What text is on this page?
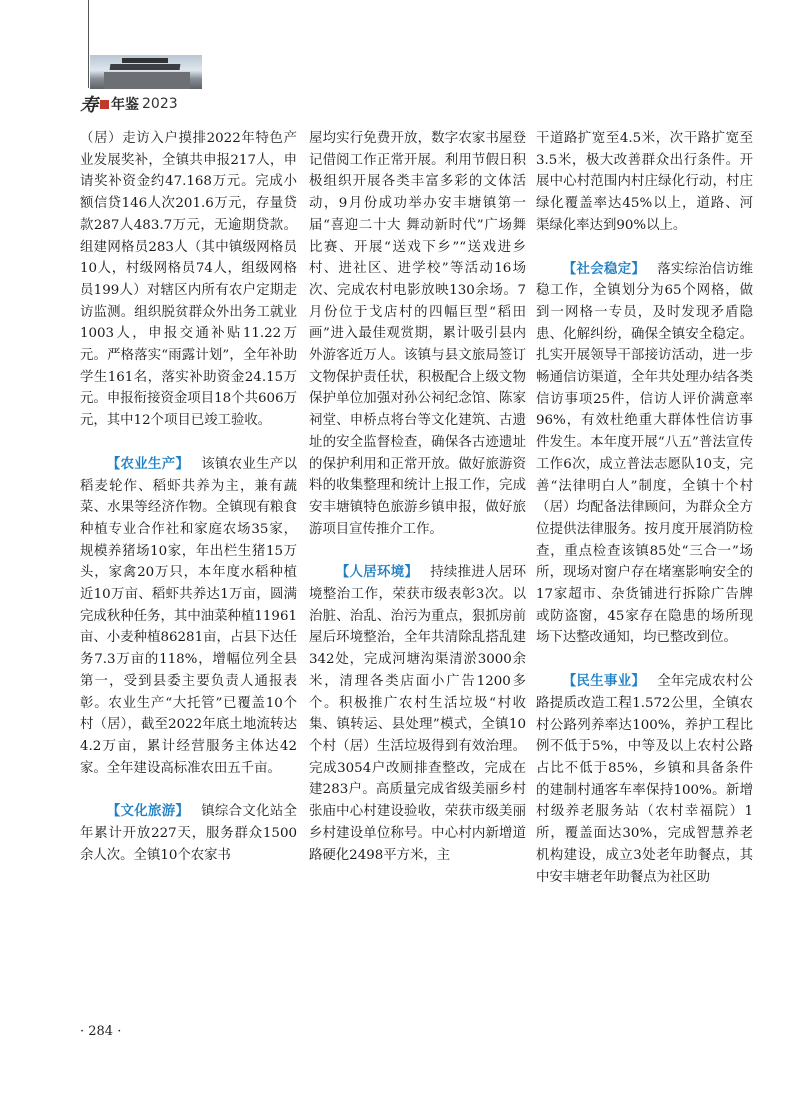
寿 年鉴 2023

（居）走访入户摸排2022年特色产业发展奖补，全镇共申报217人，申请奖补资金约47.168万元。完成小额信贷146人次201.6万元，存量贷款287人483.7万元，无逾期贷款。组建网格员283人（其中镇级网格员10人，村级网格员74人，组级网格员199人）对辖区内所有农户定期走访监测。组织脱贫群众外出务工就业1003人，申报交通补贴11.22万元。严格落实“雨露计划”，全年补助学生161名，落实补助资金24.15万元。申报衔接资金项目18个共606万元，其中12个项目已竣工验收。

【农业生产】 该镇农业生产以稻麦轮作、稻虾共养为主，兼有蔬菜、水果等经济作物。全镇现有粮食种植专业合作社和家庭农场35家，规模养猪场10家，年出栏生猪15万头，家禽20万只，本年度水稻种植近10万亩、稻虾共养达1万亩，圆满完成秋种任务，其中油菜种植11961亩、小麦种植86281亩，占县下达任务7.3万亩的118%，增幅位列全县第一，受到县委主要负责人通报表彰。农业生产“大托管”已覆盖10个村（居），截至2022年底土地流转达4.2万亩，累计经营服务主体达42家。全年建设高标准农田五千亩。

【文化旅游】 镇综合文化站全年累计开放227天，服务群众1500余人次。全镇10个农家书

屋均实行免费开放，数字农家书屋登记借阅工作正常开展。利用节假日积极组织开展各类丰富多彩的文体活动，9月份成功举办安丰塘镇第一届“喜迎二十大 舞动新时代”广场舞比赛、开展“送戏下乡”“送戏进乡村、进社区、进学校”等活动16场次、完成农村电影放映130余场。7月份位于戈店村的四幅巨型“稻田画”进入最佳观赏期，累计吸引县内外游客近万人。该镇与县文旅局签订文物保护责任状，积极配合上级文物保护单位加强对孙公祠纪念馆、陈家祠堂、申桥点将台等文化建筑、古遗址的安全监督检查，确保各古迹遗址的保护利用和正常开放。做好旅游资料的收集整理和统计上报工作，完成安丰塘镇特色旅游乡镇申报，做好旅游项目宣传推介工作。

【人居环境】 持续推进人居环境整治工作，荣获市级表彰3次。以治脏、治乱、治污为重点，狠抓房前屋后环境整治，全年共清除乱搭乱建342处，完成河塘沟渠清淤3000余米，清理各类店面小广告1200多个。积极推广农村生活垃圾“村收集、镇转运、县处理”模式，全镇10个村（居）生活垃圾得到有效治理。完成3054户改厕排查整改，完成在建283户。高质量完成省级美丽乡村张庙中心村建设验收，荣获市级美丽乡村建设单位称号。中心村内新增道路硬化2498平方米，主

干道路扩宽至4.5米，次干路扩宽至3.5米，极大改善群众出行条件。开展中心村范围内村庄绿化行动，村庄绿化覆盖率达45%以上，道路、河渠绿化率达到90%以上。

【社会稳定】 落实综治信访维稳工作，全镇划分为65个网格，做到一网格一专员，及时发现矛盾隐患、化解纠纷，确保全镇安全稳定。扎实开展领导干部接访活动，进一步畅通信访渠道，全年共处理办结各类信访事项25件，信访人评价满意率96%，有效杜绝重大群体性信访事件发生。本年度开展“八五”普法宣传工作6次，成立普法志愿队10支，完善“法律明白人”制度，全镇十个村（居）均配备法律顾问，为群众全方位提供法律服务。按月度开展消防检查，重点检查该镇85处“三合一”场所，现场对窗户存在堵塞影响安全的17家超市、杂货铺进行拆除广告牌或防盗窗，45家存在隐患的场所现场下达整改通知，均已整改到位。

【民生事业】 全年完成农村公路提质改造工程1.572公里，全镇农村公路列养率达100%，养护工程比例不低于5%，中等及以上农村公路占比不低于85%，乡镇和具备条件的建制村通客车率保持100%。新增村级养老服务站（农村幸福院）1所，覆盖面达30%，完成智慧养老机构建设，成立3处老年助餐点，其中安丰塘老年助餐点为社区助

· 284 ·
